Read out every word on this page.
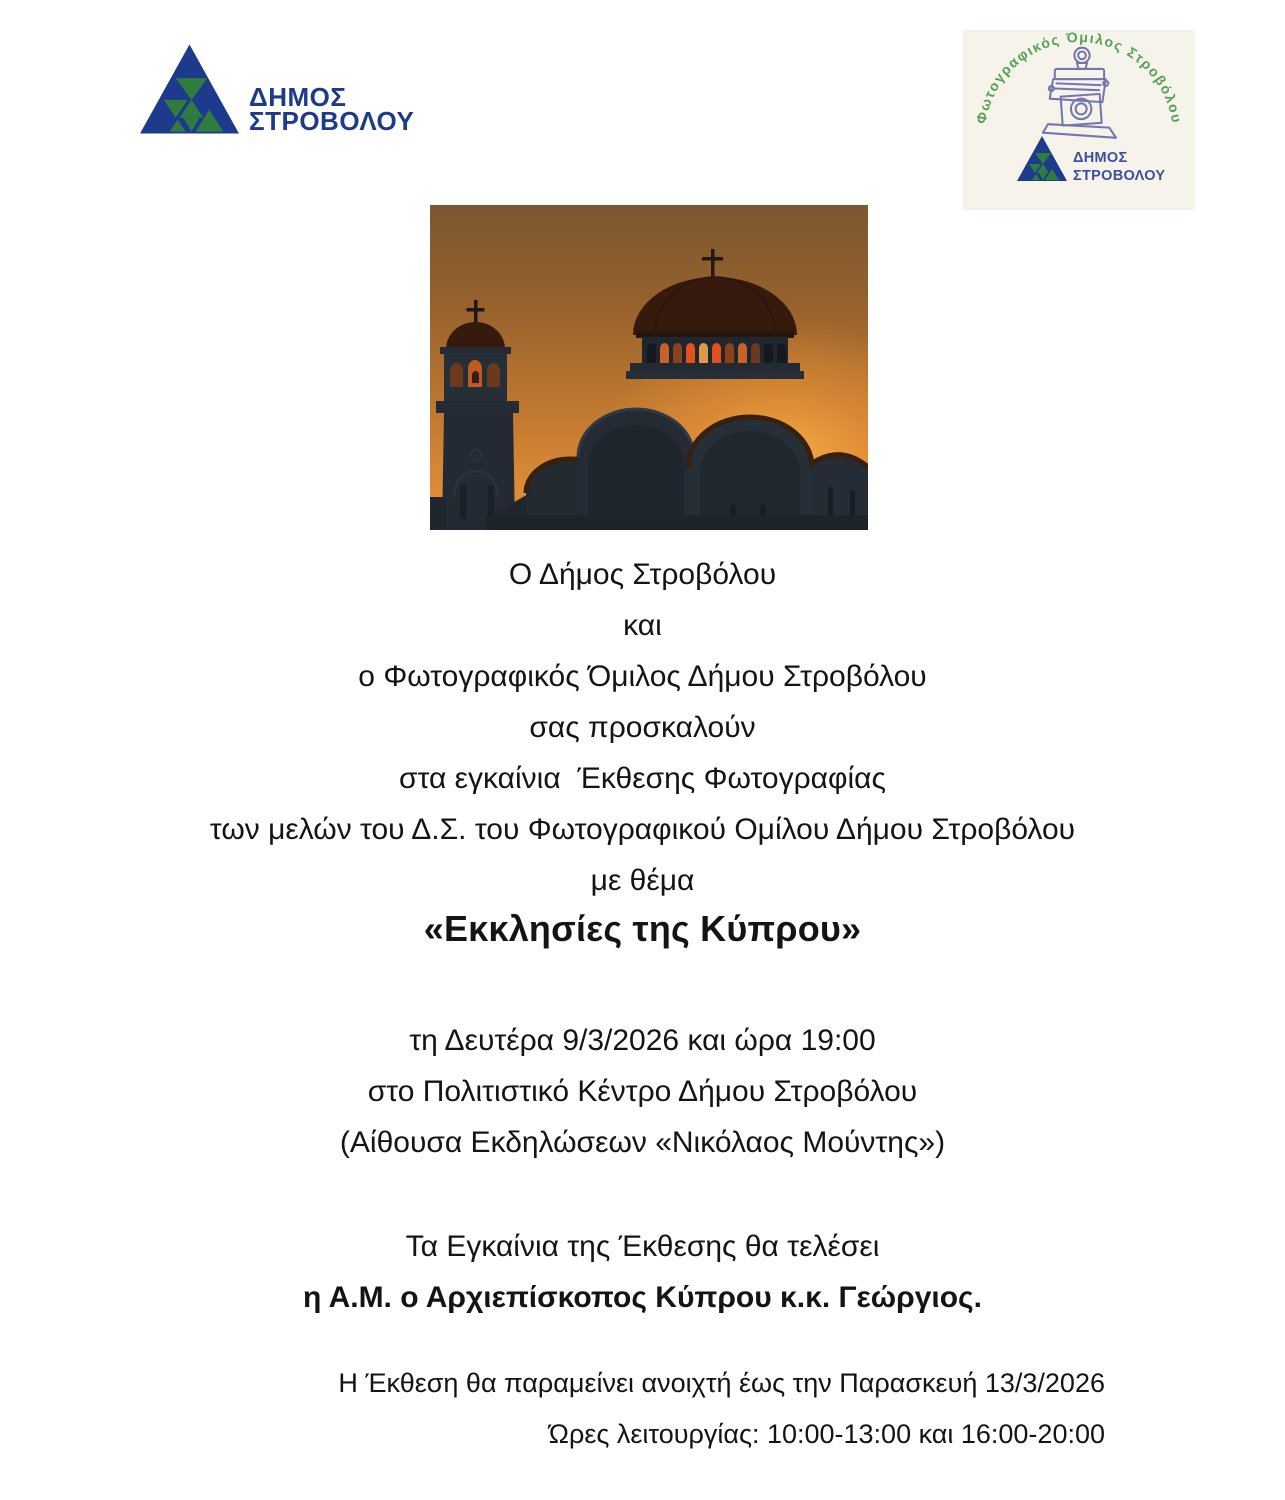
ΔΗΜΟΣ
ΣΤΡΟΒΟΛΟΥ	Φωτογραφικός Όμιλος Στροβόλου
ΔΗΜΟΣ
ΣΤΡΟΒΟΛΟΥ
Ο Δήμος Στροβόλου
και
ο Φωτογραφικός Όμιλος Δήμου Στροβόλου
σας προσκαλούν
στα εγκαίνια  Έκθεσης Φωτογραφίας
των μελών του Δ.Σ. του Φωτογραφικού Ομίλου Δήμου Στροβόλου
με θέμα
«Εκκλησίες της Κύπρου»
τη Δευτέρα 9/3/2026 και ώρα 19:00
στο Πολιτιστικό Κέντρο Δήμου Στροβόλου
(Αίθουσα Εκδηλώσεων «Νικόλαος Μούντης»)
Τα Εγκαίνια της Έκθεσης θα τελέσει
η Α.Μ. ο Αρχιεπίσκοπος Κύπρου κ.κ. Γεώργιος.
Η Έκθεση θα παραμείνει ανοιχτή έως την Παρασκευή 13/3/2026
Ώρες λειτουργίας: 10:00-13:00 και 16:00-20:00
